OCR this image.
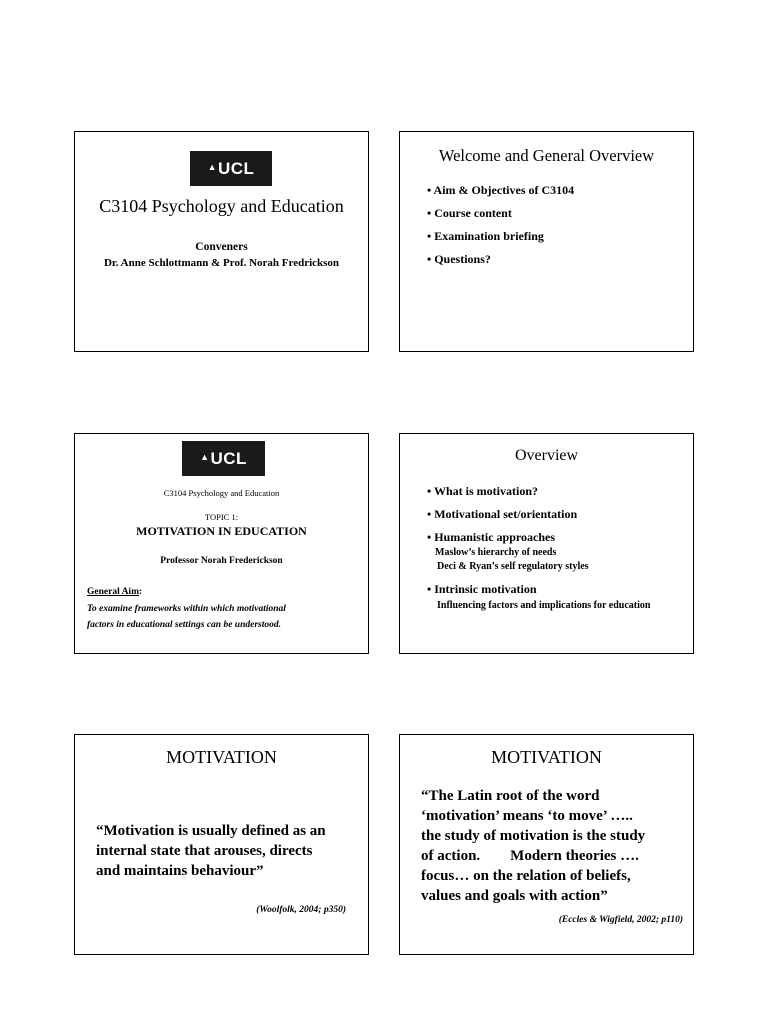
▲ UCL
C3104 Psychology and Education
Conveners
Dr. Anne Schlottmann & Prof. Norah Fredrickson
Welcome and General Overview
• Aim & Objectives of C3104
• Course content
• Examination briefing
• Questions?
▲ UCL
C3104 Psychology and Education
TOPIC 1:
MOTIVATION IN EDUCATION
Professor Norah Frederickson
General Aim:
To examine frameworks within which motivational
factors in educational settings can be understood.
Overview
• What is motivation?
• Motivational set/orientation
• Humanistic approaches
Maslow’s hierarchy of needs
Deci & Ryan’s self regulatory styles
• Intrinsic motivation
Influencing factors and implications for education
MOTIVATION
“Motivation is usually defined as an
internal state that arouses, directs
and maintains behaviour”
(Woolfolk, 2004; p350)
MOTIVATION
“The Latin root of the word
‘motivation’ means ‘to move’ …..
the study of motivation is the study
of action.        Modern theories ….
focus… on the relation of beliefs,
values and goals with action”
(Eccles & Wigfield, 2002; p110)
